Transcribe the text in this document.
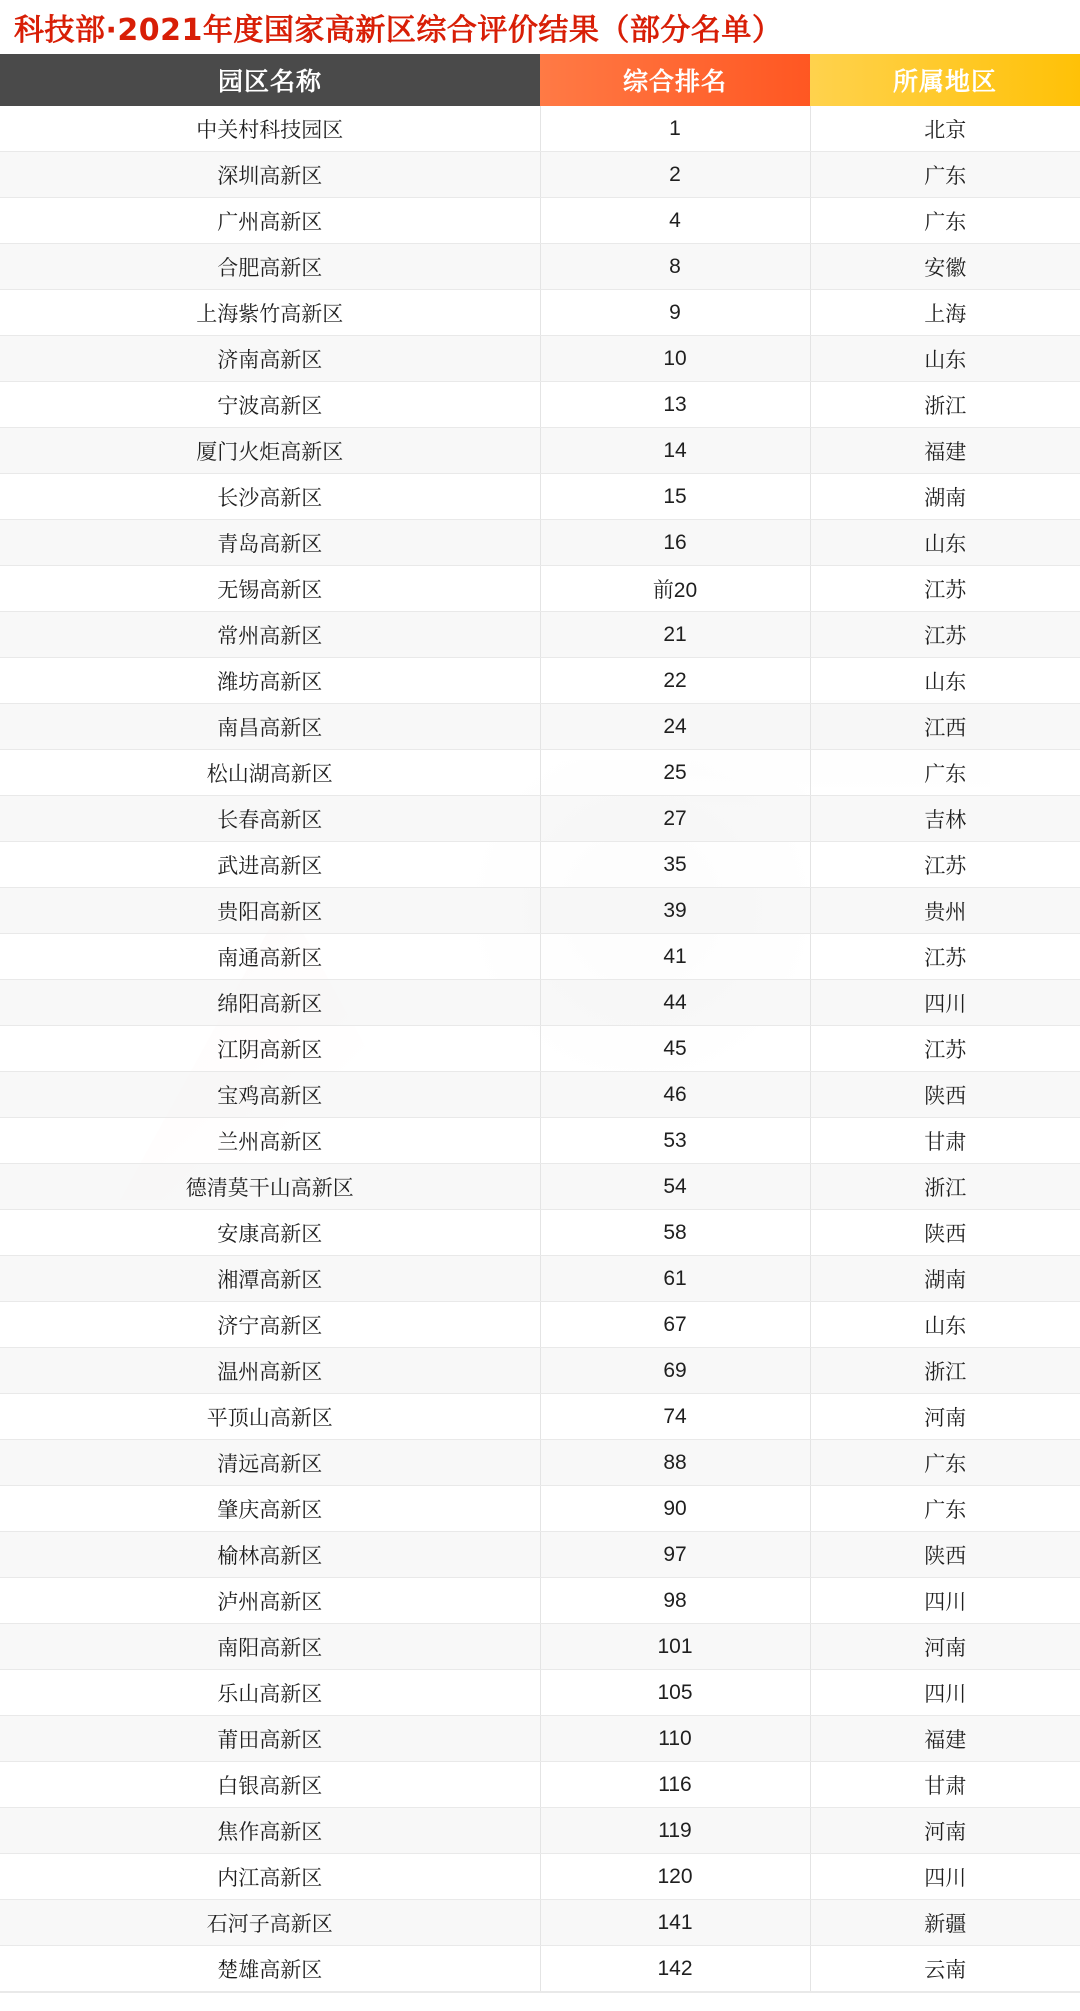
科技部·2021年度国家高新区综合评价结果（部分名单）
园区名称	综合排名	所属地区
中关村科技园区	1	北京
深圳高新区	2	广东
广州高新区	4	广东
合肥高新区	8	安徽
上海紫竹高新区	9	上海
济南高新区	10	山东
宁波高新区	13	浙江
厦门火炬高新区	14	福建
长沙高新区	15	湖南
青岛高新区	16	山东
无锡高新区	前20	江苏
常州高新区	21	江苏
潍坊高新区	22	山东
南昌高新区	24	江西
松山湖高新区	25	广东
长春高新区	27	吉林
武进高新区	35	江苏
贵阳高新区	39	贵州
南通高新区	41	江苏
绵阳高新区	44	四川
江阴高新区	45	江苏
宝鸡高新区	46	陕西
兰州高新区	53	甘肃
德清莫干山高新区	54	浙江
安康高新区	58	陕西
湘潭高新区	61	湖南
济宁高新区	67	山东
温州高新区	69	浙江
平顶山高新区	74	河南
清远高新区	88	广东
肇庆高新区	90	广东
榆林高新区	97	陕西
泸州高新区	98	四川
南阳高新区	101	河南
乐山高新区	105	四川
莆田高新区	110	福建
白银高新区	116	甘肃
焦作高新区	119	河南
内江高新区	120	四川
石河子高新区	141	新疆
楚雄高新区	142	云南
